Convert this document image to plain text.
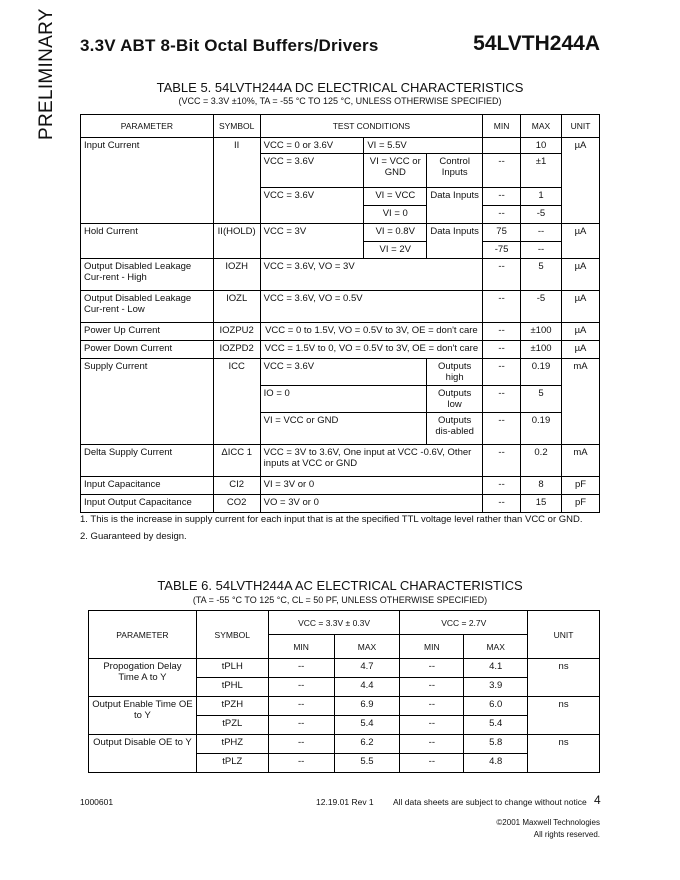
PRELIMINARY 3.3V ABT 8-Bit Octal Buffers/Drivers	54LVTH244A
TABLE 5. 54LVTH244A DC ELECTRICAL CHARACTERISTICS
(VCC = 3.3V ±10%, TA = -55 °C TO 125 °C, UNLESS OTHERWISE SPECIFIED)
PARAMETER	SYMBOL	TEST CONDITIONS			MIN	MAX	UNIT
Input Current	II	VCC = 0 or 3.6V	VI = 5.5V			10	µA
		VCC = 3.6V	VI = VCC or GND	Control Inputs	--	±1	
		VCC = 3.6V	VI = VCC	Data Inputs	--	1	
			VI = 0		--	-5	
Hold Current	II(HOLD)	VCC = 3V	VI = 0.8V	Data Inputs	75	--	µA
			VI = 2V		-75	--	
Output Disabled Leakage Cur-rent - High	IOZH	VCC = 3.6V, VO = 3V			--	5	µA
Output Disabled Leakage Cur-rent - Low	IOZL	VCC = 3.6V, VO = 0.5V			--	-5	µA
Power Up Current	IOZPU2	VCC = 0 to 1.5V, VO = 0.5V to 3V, OE = don't care			--	±100	µA
Power Down Current	IOZPD2	VCC = 1.5V to 0, VO = 0.5V to 3V, OE = don't care			--	±100	µA
Supply Current	ICC	VCC = 3.6V		Outputs high	--	0.19	mA
		IO = 0		Outputs low	--	5	
		VI = VCC or GND		Outputs dis-abled	--	0.19	
Delta Supply Current	ΔICC 1	VCC = 3V to 3.6V, One input at VCC -0.6V, Other inputs at VCC or GND			--	0.2	mA
Input Capacitance	CI2	VI = 3V or 0			--	8	pF
Input Output Capacitance	CO2	VO = 3V or 0			--	15	pF
1. This is the increase in supply current for each input that is at the specified TTL voltage level rather than VCC or GND.
2. Guaranteed by design.
TABLE 6. 54LVTH244A AC ELECTRICAL CHARACTERISTICS
(TA = -55 °C TO 125 °C, CL = 50 PF, UNLESS OTHERWISE SPECIFIED)
PARAMETER	SYMBOL	VCC = 3.3V ± 0.3V		VCC = 2.7V		UNIT
		MIN	MAX	MIN	MAX	
Propogation Delay Time A to Y	tPLH	--	4.7	--	4.1	ns
	tPHL	--	4.4	--	3.9	
Output Enable Time OE to Y	tPZH	--	6.9	--	6.0	ns
	tPZL	--	5.4	--	5.4	
Output Disable OE to Y	tPHZ	--	6.2	--	5.8	ns
	tPLZ	--	5.5	--	4.8	
1000601	12.19.01 Rev 1 All data sheets are subject to change without notice 4
©2001 Maxwell Technologies
All rights reserved.
